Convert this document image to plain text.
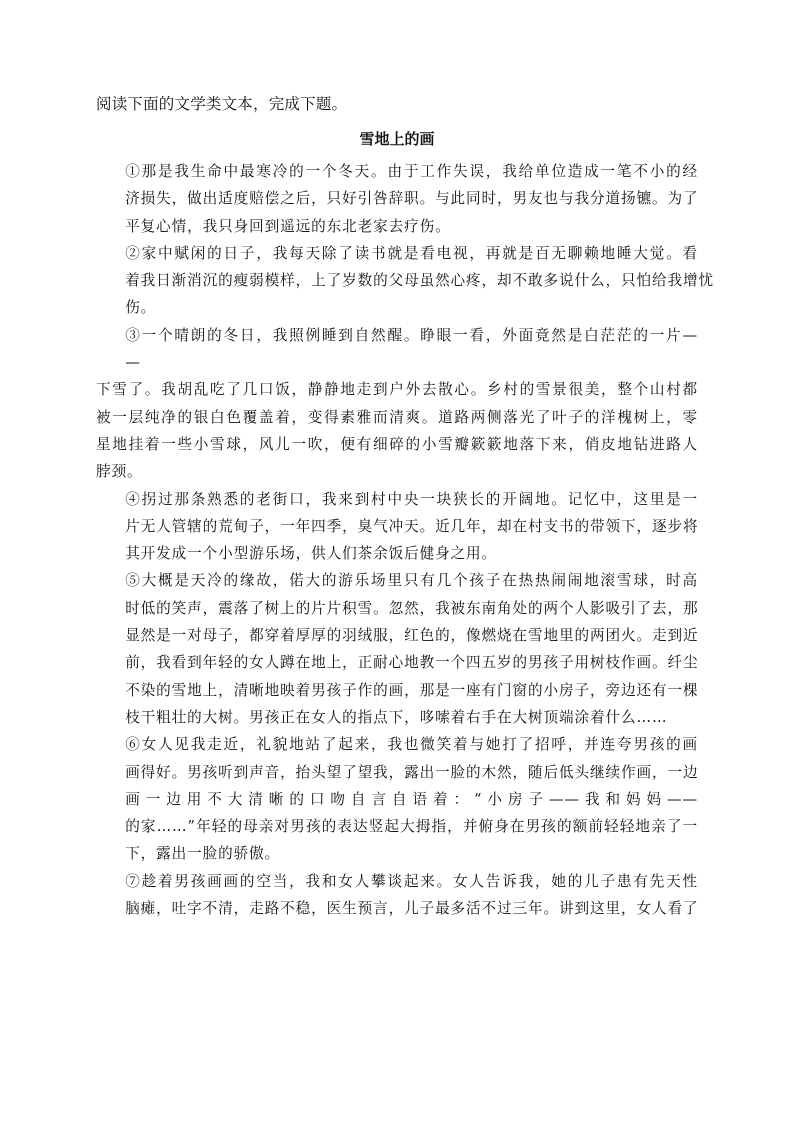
阅读下面的文学类文本，完成下题。
雪地上的画
①那是我生命中最寒冷的一个冬天。由于工作失误，我给单位造成一笔不小的经
济损失，做出适度赔偿之后，只好引咎辞职。与此同时，男友也与我分道扬镳。为了
平复心情，我只身回到遥远的东北老家去疗伤。
②家中赋闲的日子，我每天除了读书就是看电视，再就是百无聊赖地睡大觉。看
着我日渐消沉的瘦弱模样，上了岁数的父母虽然心疼，却不敢多说什么，只怕给我增忧
伤。
③一个晴朗的冬日，我照例睡到自然醒。睁眼一看，外面竟然是白茫茫的一片—
—
下雪了。我胡乱吃了几口饭，静静地走到户外去散心。乡村的雪景很美，整个山村都
被一层纯净的银白色覆盖着，变得素雅而清爽。道路两侧落光了叶子的洋槐树上，零
星地挂着一些小雪球，风儿一吹，便有细碎的小雪瓣簌簌地落下来，俏皮地钻进路人
脖颈。
④拐过那条熟悉的老街口，我来到村中央一块狭长的开阔地。记忆中，这里是一
片无人管辖的荒甸子，一年四季，臭气冲天。近几年，却在村支书的带领下，逐步将
其开发成一个小型游乐场，供人们茶余饭后健身之用。
⑤大概是天冷的缘故，偌大的游乐场里只有几个孩子在热热闹闹地滚雪球，时高
时低的笑声，震落了树上的片片积雪。忽然，我被东南角处的两个人影吸引了去，那
显然是一对母子，都穿着厚厚的羽绒服，红色的，像燃烧在雪地里的两团火。走到近
前，我看到年轻的女人蹲在地上，正耐心地教一个四五岁的男孩子用树枝作画。纤尘
不染的雪地上，清晰地映着男孩子作的画，那是一座有门窗的小房子，旁边还有一棵
枝干粗壮的大树。男孩正在女人的指点下，哆嗦着右手在大树顶端涂着什么……
⑥女人见我走近，礼貌地站了起来，我也微笑着与她打了招呼，并连夸男孩的画
画得好。男孩听到声音，抬头望了望我，露出一脸的木然，随后低头继续作画，一边
画一边用不大清晰的口吻自言自语着：“小房子——我和妈妈——
的家……”年轻的母亲对男孩的表达竖起大拇指，并俯身在男孩的额前轻轻地亲了一
下，露出一脸的骄傲。
⑦趁着男孩画画的空当，我和女人攀谈起来。女人告诉我，她的儿子患有先天性
脑瘫，吐字不清，走路不稳，医生预言，儿子最多活不过三年。讲到这里，女人看了
